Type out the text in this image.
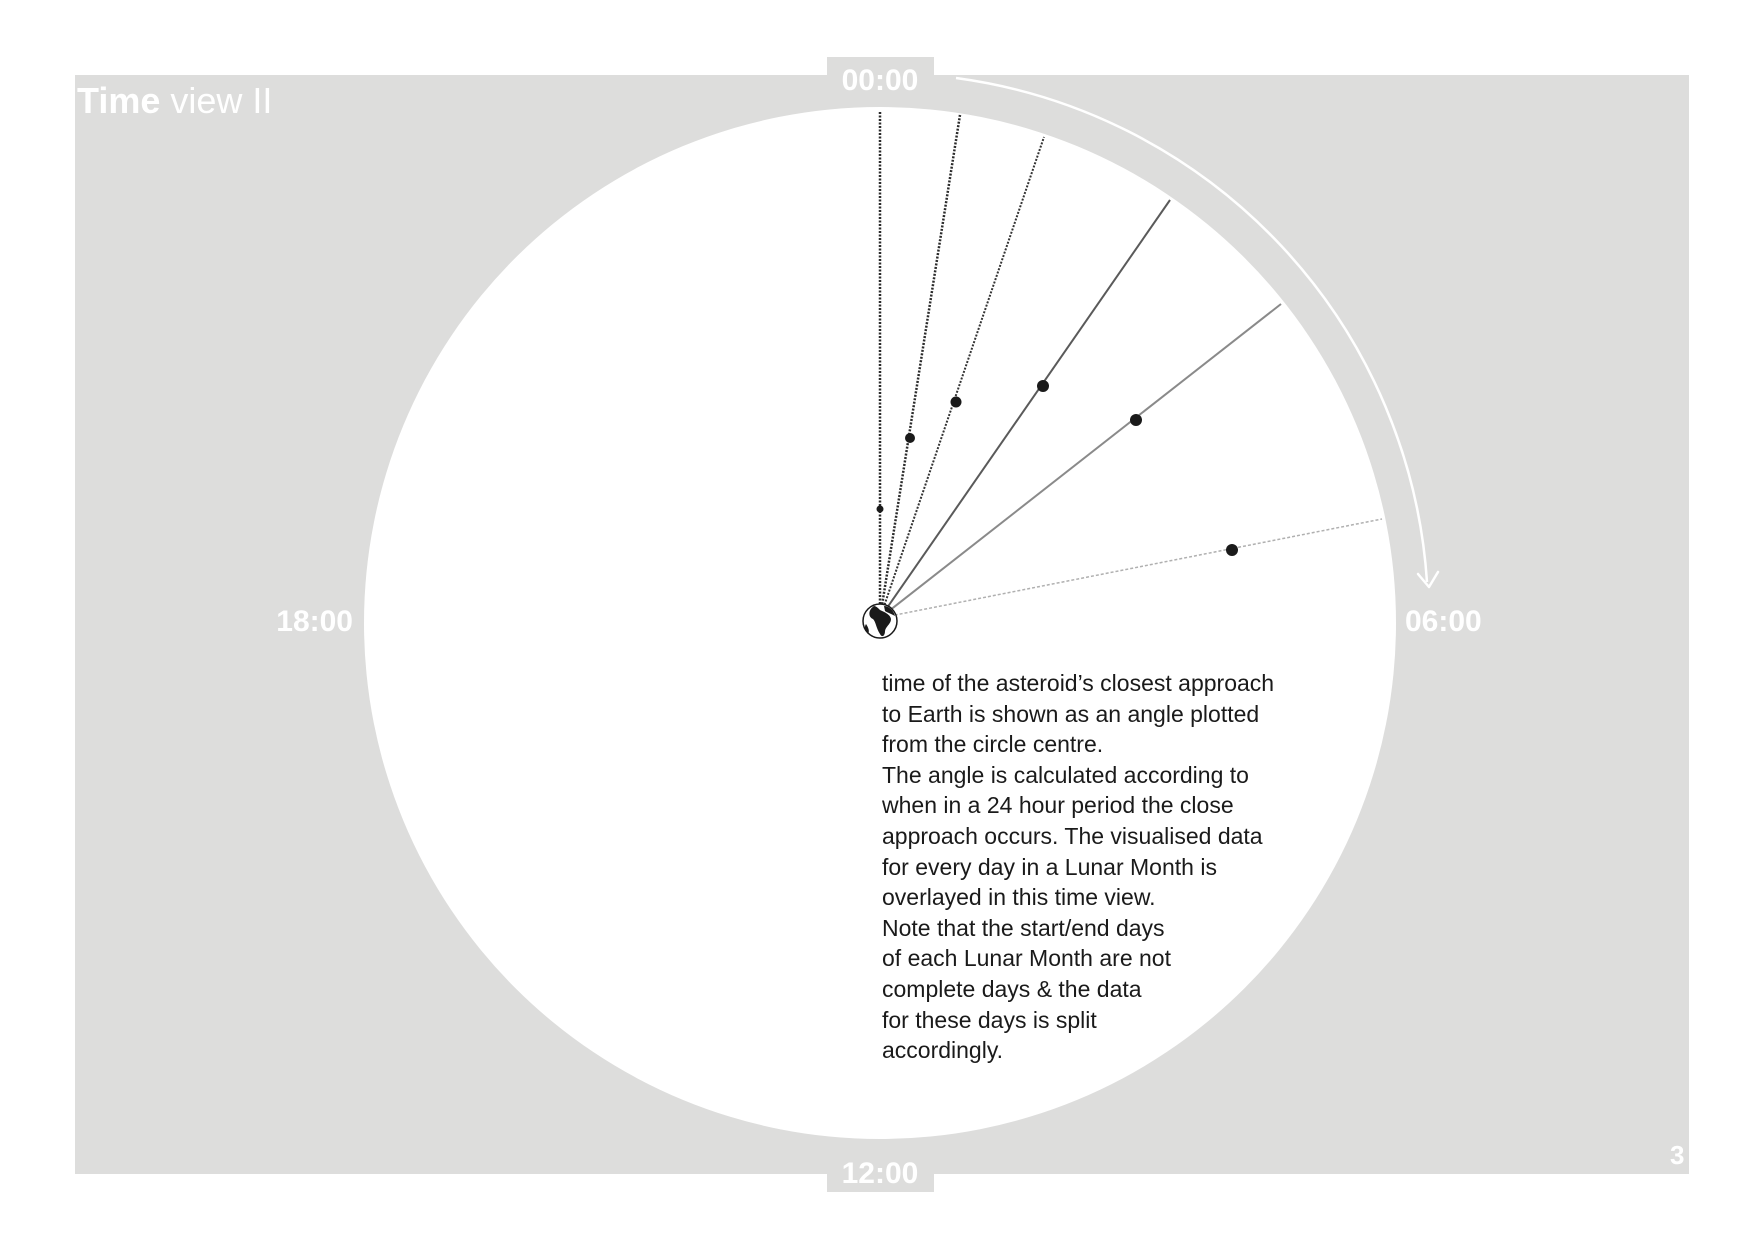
Time view II	00:00
12:00
06:00
18:00

time of the asteroid’s closest approach

to Earth is shown as an angle plotted

from the circle centre.

The angle is calculated according to

when in a 24 hour period the close

approach occurs. The visualised data

for every day in a Lunar Month is

overlayed in this time view.

Note that the start/end days

of each Lunar Month are not

complete days & the data

for these days is split

accordingly.

3
